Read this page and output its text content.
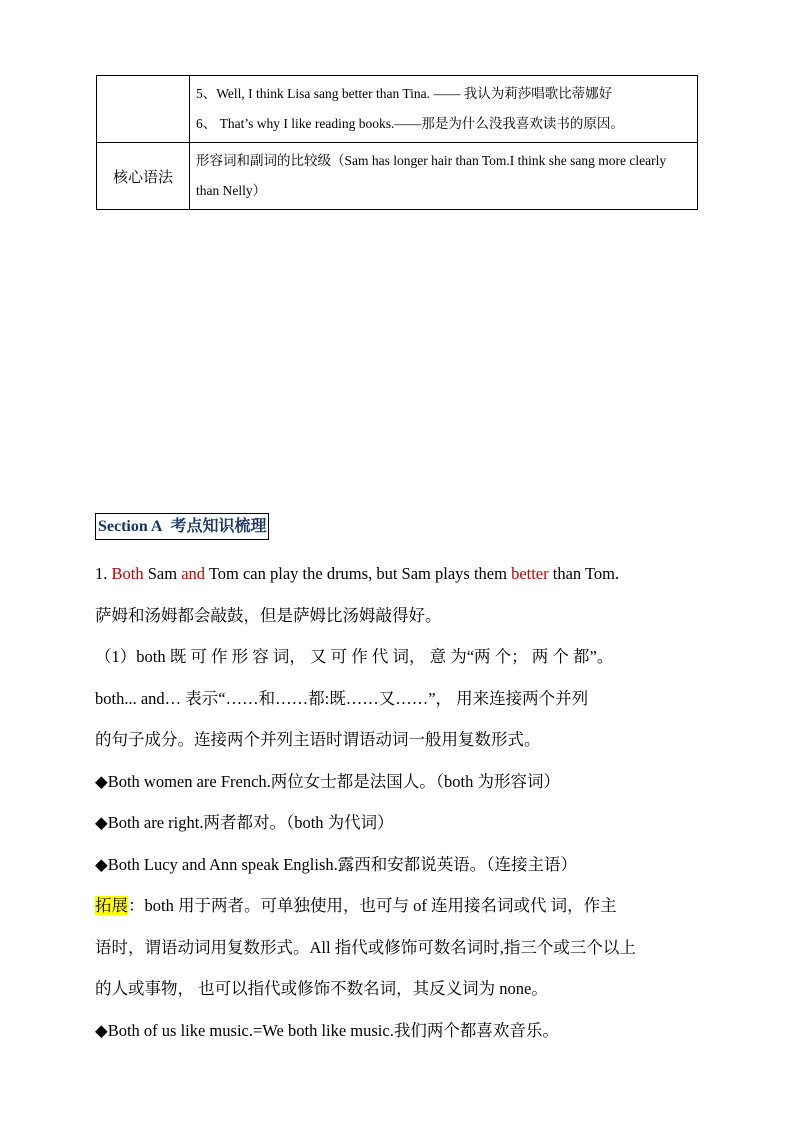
	5、Well, I think Lisa sang better than Tina. —— 我认为莉莎唱歌比蒂娜好
6、 That’s why I like reading books.——那是为什么没我喜欢读书的原因。

核心语法	形容词和副词的比较级（Sam has longer hair than Tom.I think she sang more clearly than Nelly）
Section A 考点知识梳理
1. Both Sam and Tom can play the drums, but Sam plays them better than Tom.
萨姆和汤姆都会敲鼓，但是萨姆比汤姆敲得好。
（1）both 既 可 作 形 容 词， 又 可 作 代 词， 意 为“两 个； 两 个 都”。
both... and… 表示“……和……都:既……又……”， 用来连接两个并列
的句子成分。连接两个并列主语时谓语动词一般用复数形式。
◆Both women are French.两位女士都是法国人。（both 为形容词）
◆Both are right.两者都对。（both 为代词）
◆Both Lucy and Ann speak English.露西和安都说英语。（连接主语）
拓展：both 用于两者。可单独使用，也可与 of 连用接名词或代 词，作主
语时，谓语动词用复数形式。All 指代或修饰可数名词时,指三个或三个以上
的人或事物， 也可以指代或修饰不数名词，其反义词为 none。
◆Both of us like music.=We both like music.我们两个都喜欢音乐。
